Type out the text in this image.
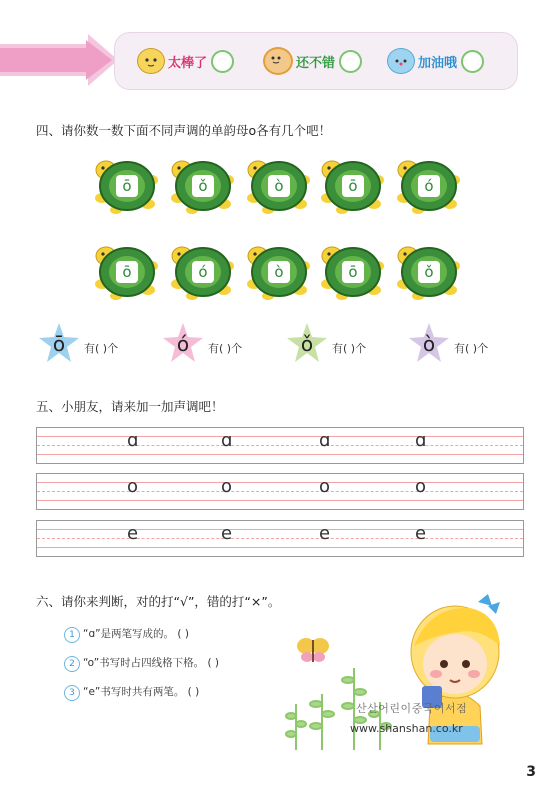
太棒了	还不错	加油哦
四、请你数一数下面不同声调的单韵母o各有几个吧！
ō	ǒ	ò	ō	ó
ō	ó	ò	ō	ǒ
ō	有( )个	ó	有( )个	ǒ	有( )个	ò	有( )个
五、小朋友，请来加一加声调吧！
ɑ	ɑ	ɑ	ɑ
o	o	o	o
e	e	e	e
六、请你来判断，对的打“√”，错的打“×”。
1 “ɑ”是两笔写成的。 ( )
2 “o”书写时占四线格下格。 ( )
3 “e”书写时共有两笔。 ( )
산산어린이중국어서점
www.shanshan.co.kr
3
